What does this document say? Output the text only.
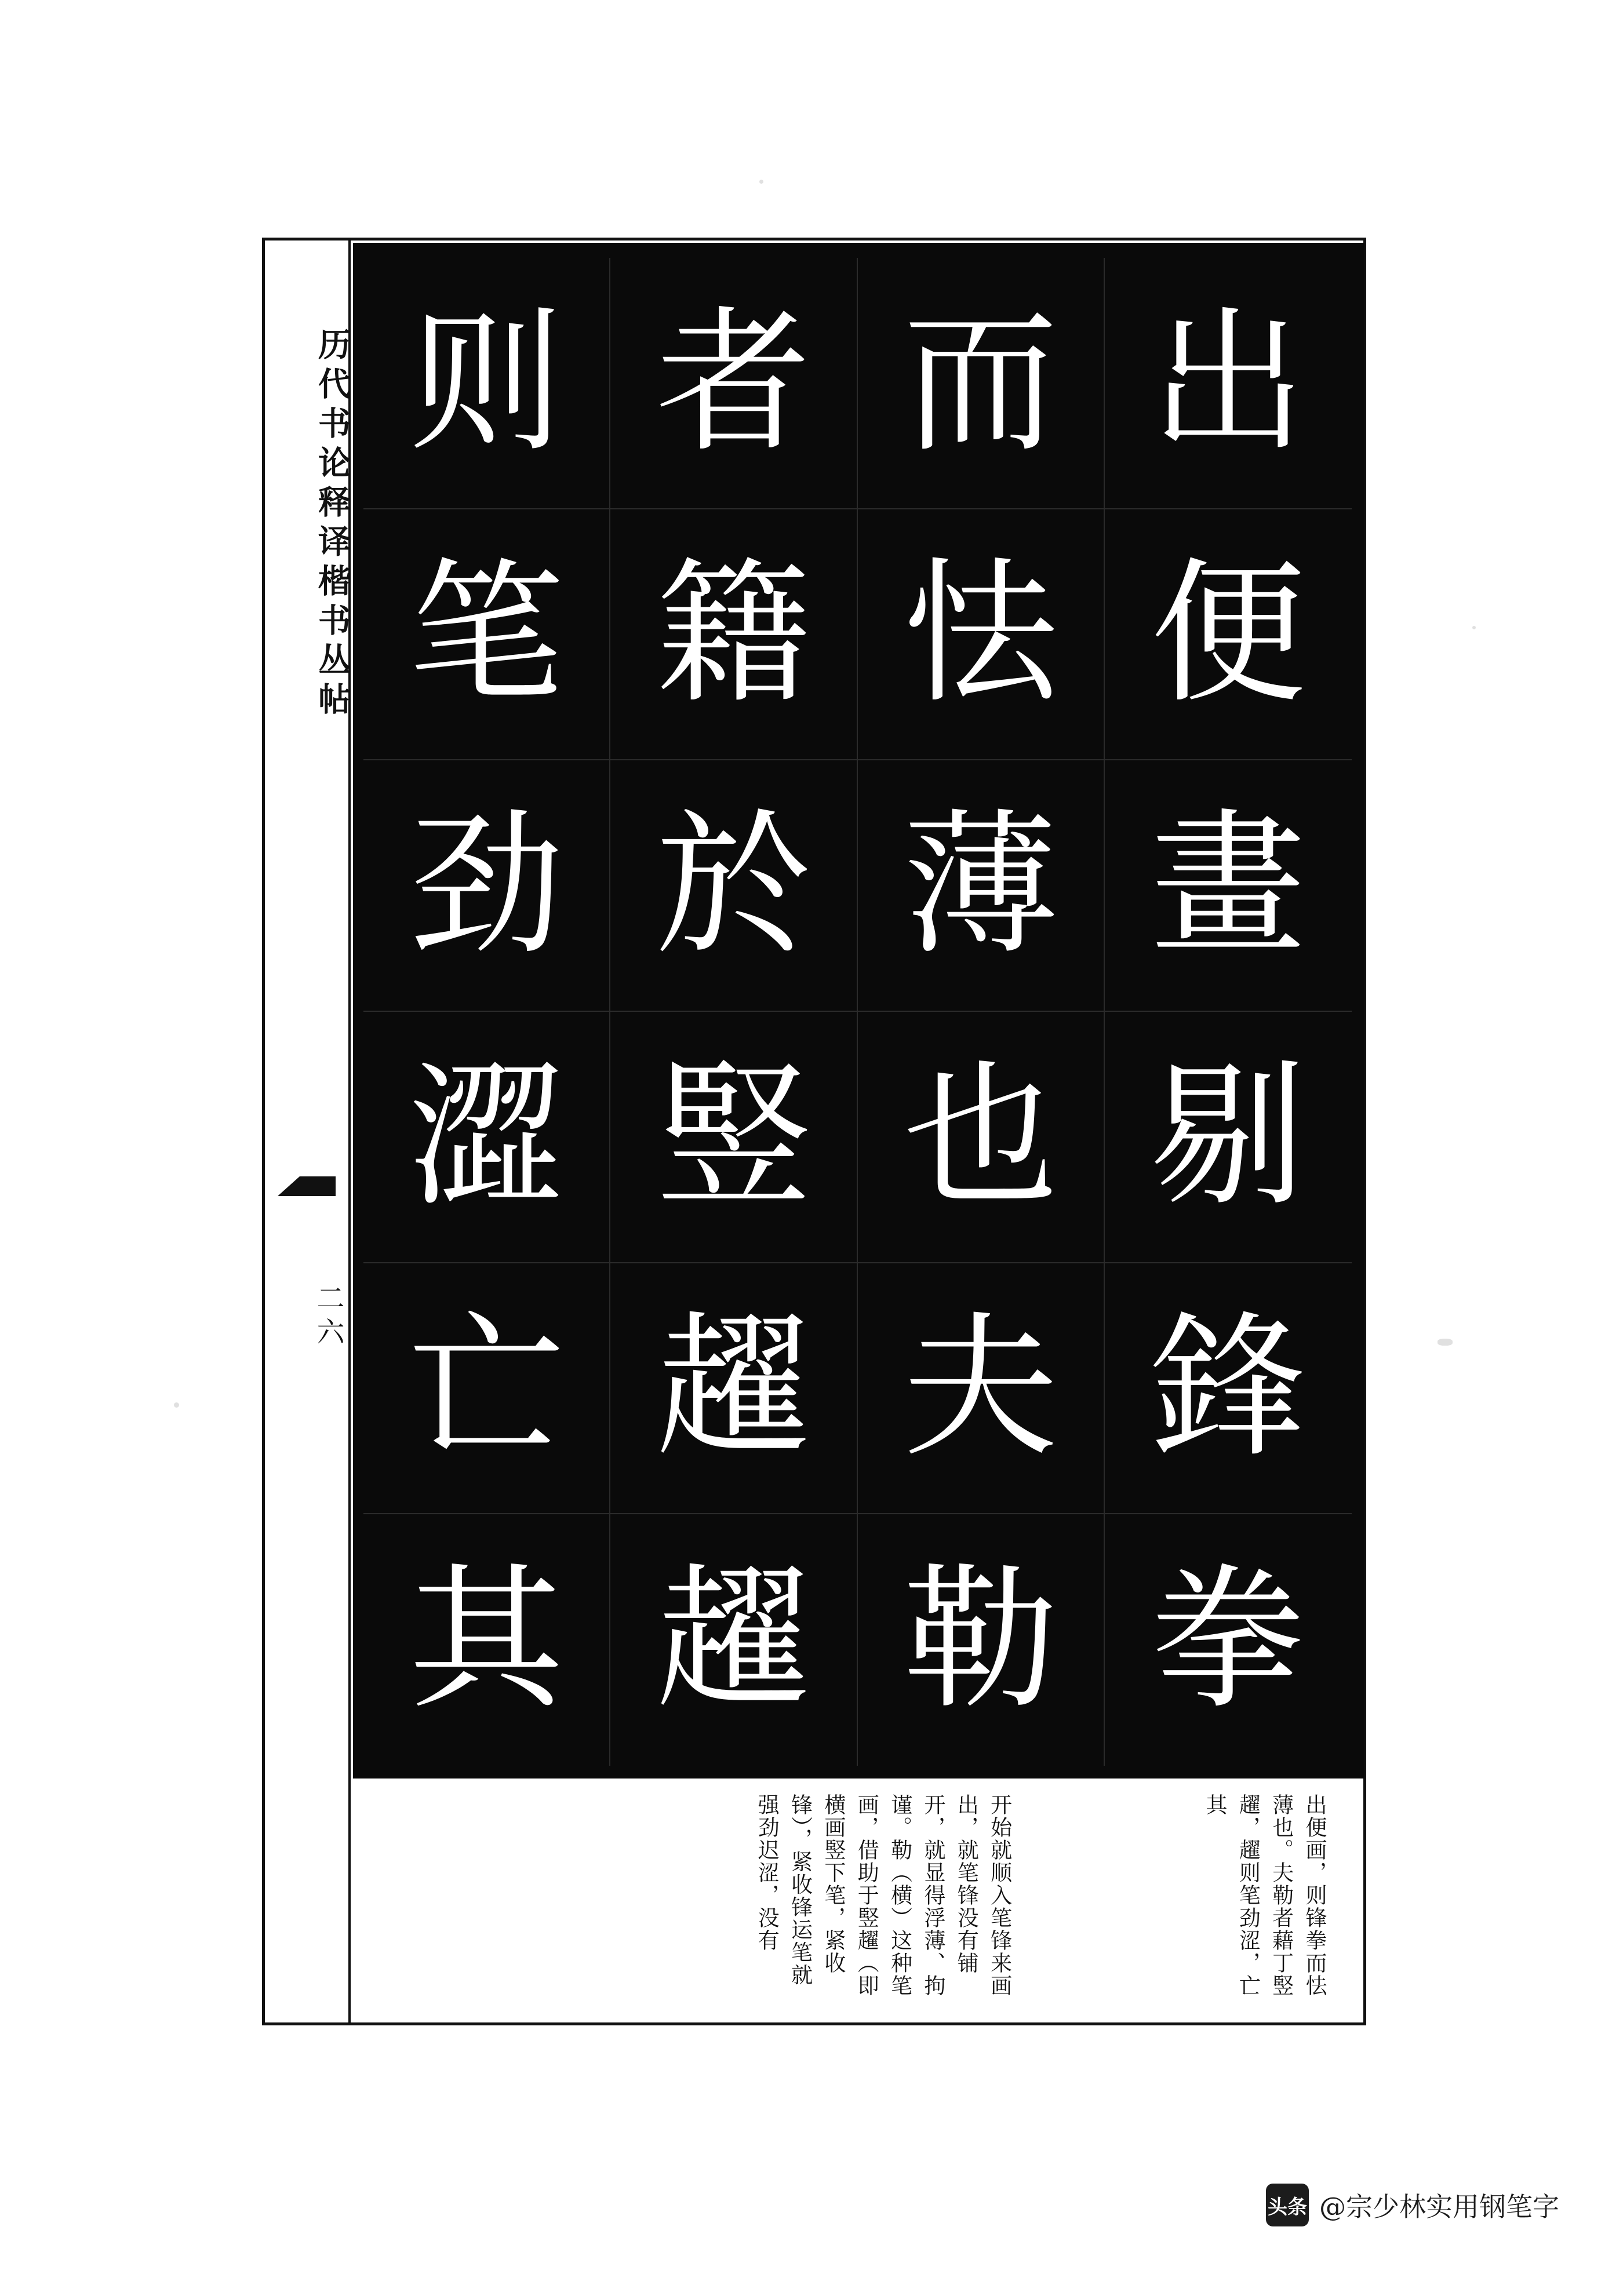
历代书论释译楷书丛帖
二六
则 者 而 出
笔 籍 怯 便
劲 於 薄 畫
澀 竪 也 剔
亡 趯 夫 鋒
其 趯 勒 拳
出便画，则锋拳而怯薄也。夫勒者藉丁竪趯，趯则笔劲涩，亡其
开始就顺入笔锋来画出，就笔锋没有铺开，就显得浮薄、拘谨。勒（横）这种笔画，借助于竪趯（即横画竪下笔，紧收锋），紧收锋运笔就强劲迟涩，没有
头条 @宗少林实用钢笔字
